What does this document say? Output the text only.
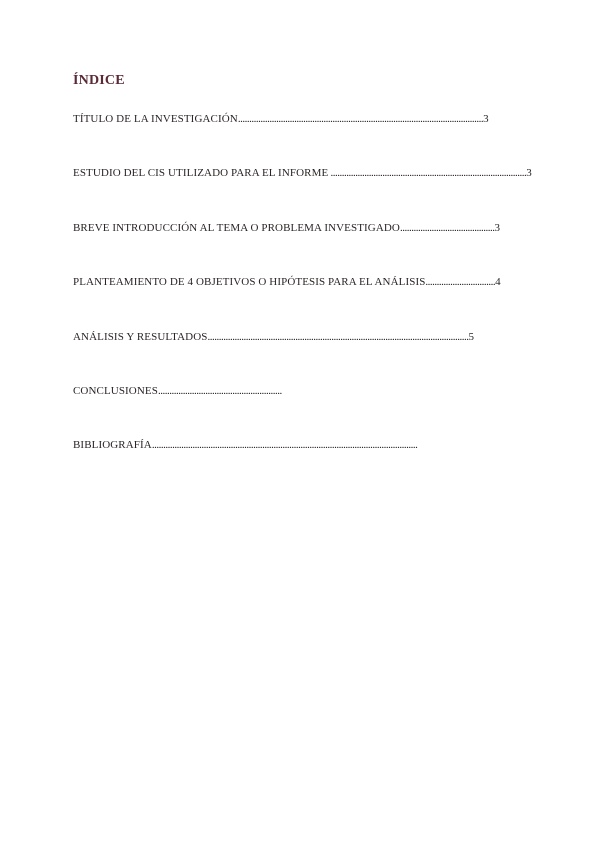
ÍNDICE
TÍTULO DE LA INVESTIGACIÓN.............................................................................................................3
ESTUDIO DEL CIS UTILIZADO PARA EL INFORME .......................................................................................3
BREVE INTRODUCCIÓN AL TEMA O PROBLEMA INVESTIGADO..........................................3
PLANTEAMIENTO DE 4 OBJETIVOS O HIPÓTESIS PARA EL ANÁLISIS...............................4
ANÁLISIS Y RESULTADOS....................................................................................................................5
CONCLUSIONES.......................................................
BIBLIOGRAFÍA......................................................................................................................
